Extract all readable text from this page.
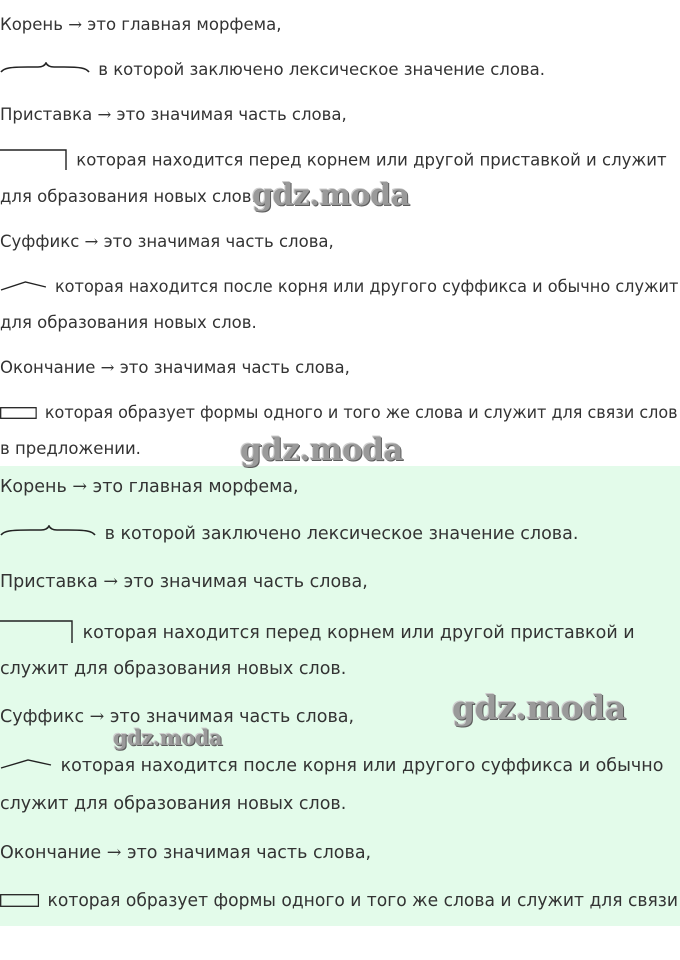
Корень → это главная морфема,
в которой заключено лексическое значение слова.
Приставка → это значимая часть слова,
которая находится перед корнем или другой приставкой и служит
для образования новых слов.
Суффикс → это значимая часть слова,
которая находится после корня или другого суффикса и обычно служит
для образования новых слов.
Окончание → это значимая часть слова,
которая образует формы одного и того же слова и служит для связи слов
в предложении.
Корень → это главная морфема,
в которой заключено лексическое значение слова.
Приставка → это значимая часть слова,
которая находится перед корнем или другой приставкой и
служит для образования новых слов.
Суффикс → это значимая часть слова,
которая находится после корня или другого суффикса и обычно
служит для образования новых слов.
Окончание → это значимая часть слова,
которая образует формы одного и того же слова и служит для связи
gdz.moda
gdz.moda
gdz.moda
gdz.moda
